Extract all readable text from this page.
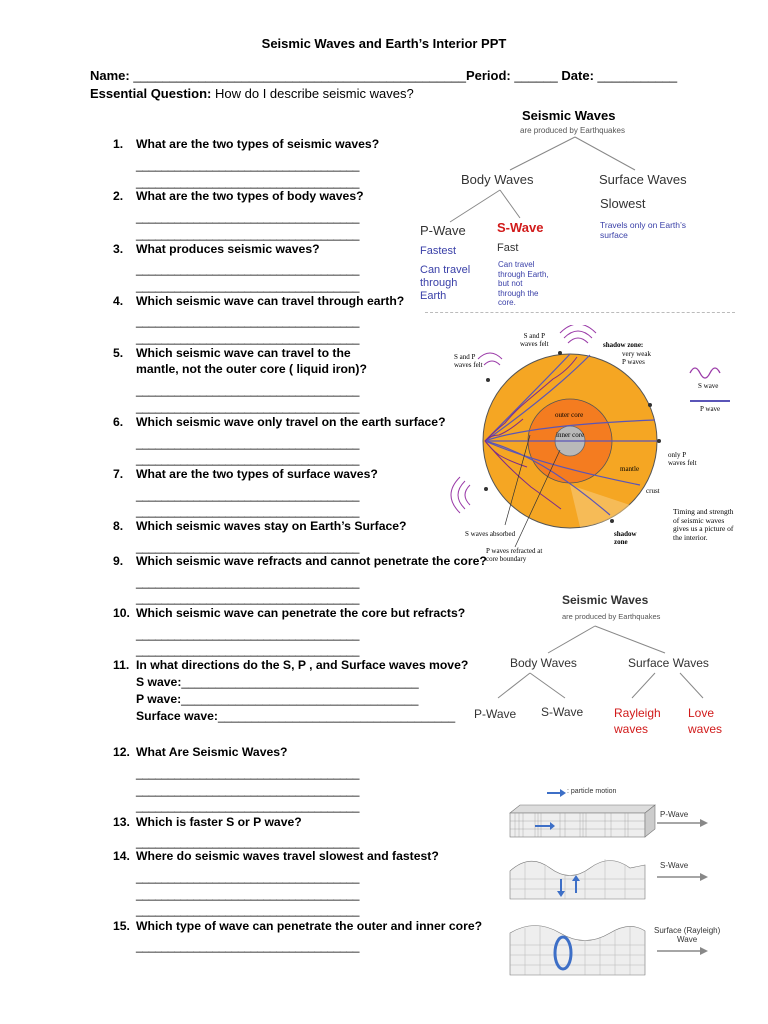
Seismic Waves and Earth’s Interior PPT
Name: ______________________________________________Period: ______ Date: ___________
Essential Question: How do I describe seismic waves?
1. What are the two types of seismic waves?
___________________________________
___________________________________
2. What are the two types of body waves?
___________________________________
___________________________________
3. What produces seismic waves?
___________________________________
___________________________________
4. Which seismic wave can travel through earth?
___________________________________
___________________________________
5. Which seismic wave can travel to the
mantle, not the outer core ( liquid iron)?
___________________________________
___________________________________
6. Which seismic wave only travel on the earth surface?
___________________________________
___________________________________
7. What are the two types of surface waves?
___________________________________
___________________________________
8. Which seismic waves stay on Earth’s Surface?
___________________________________
9. Which seismic wave refracts and cannot penetrate the core?
___________________________________
___________________________________
10. Which seismic wave can penetrate the core but refracts?
___________________________________
___________________________________
11. In what directions do the S, P , and Surface waves move?
S wave:___________________________________
P wave:___________________________________
Surface wave:___________________________________
12. What Are Seismic Waves?
___________________________________
___________________________________
___________________________________
13. Which is faster S or P wave?
___________________________________
14. Where do seismic waves travel slowest and fastest?
___________________________________
___________________________________
___________________________________
15. Which type of wave can penetrate the outer and inner core?
___________________________________
Seismic Waves
are produced by Earthquakes
Body Waves	Surface Waves
Slowest
Travels only on Earth’s
surface
P-Wave S-Wave
Fastest	Fast
Can travel
through
Earth
Can travel
through Earth,
but not
through the
core.
S and P
waves felt
S and P
waves felt
shadow zone:
very weak
P waves
S wave
P wave
outer core
inner core
mantle
only P
waves felt
crust
Timing and strength
of seismic waves
gives us a picture of
the interior.
S waves absorbed	shadow
zone
P waves refracted at
core boundary
Seismic Waves
are produced by Earthquakes
Body Waves	Surface Waves
P-Wave S-Wave	Rayleigh
waves
Love
waves
: particle motion
P-Wave
S-Wave
Surface (Rayleigh)
Wave
